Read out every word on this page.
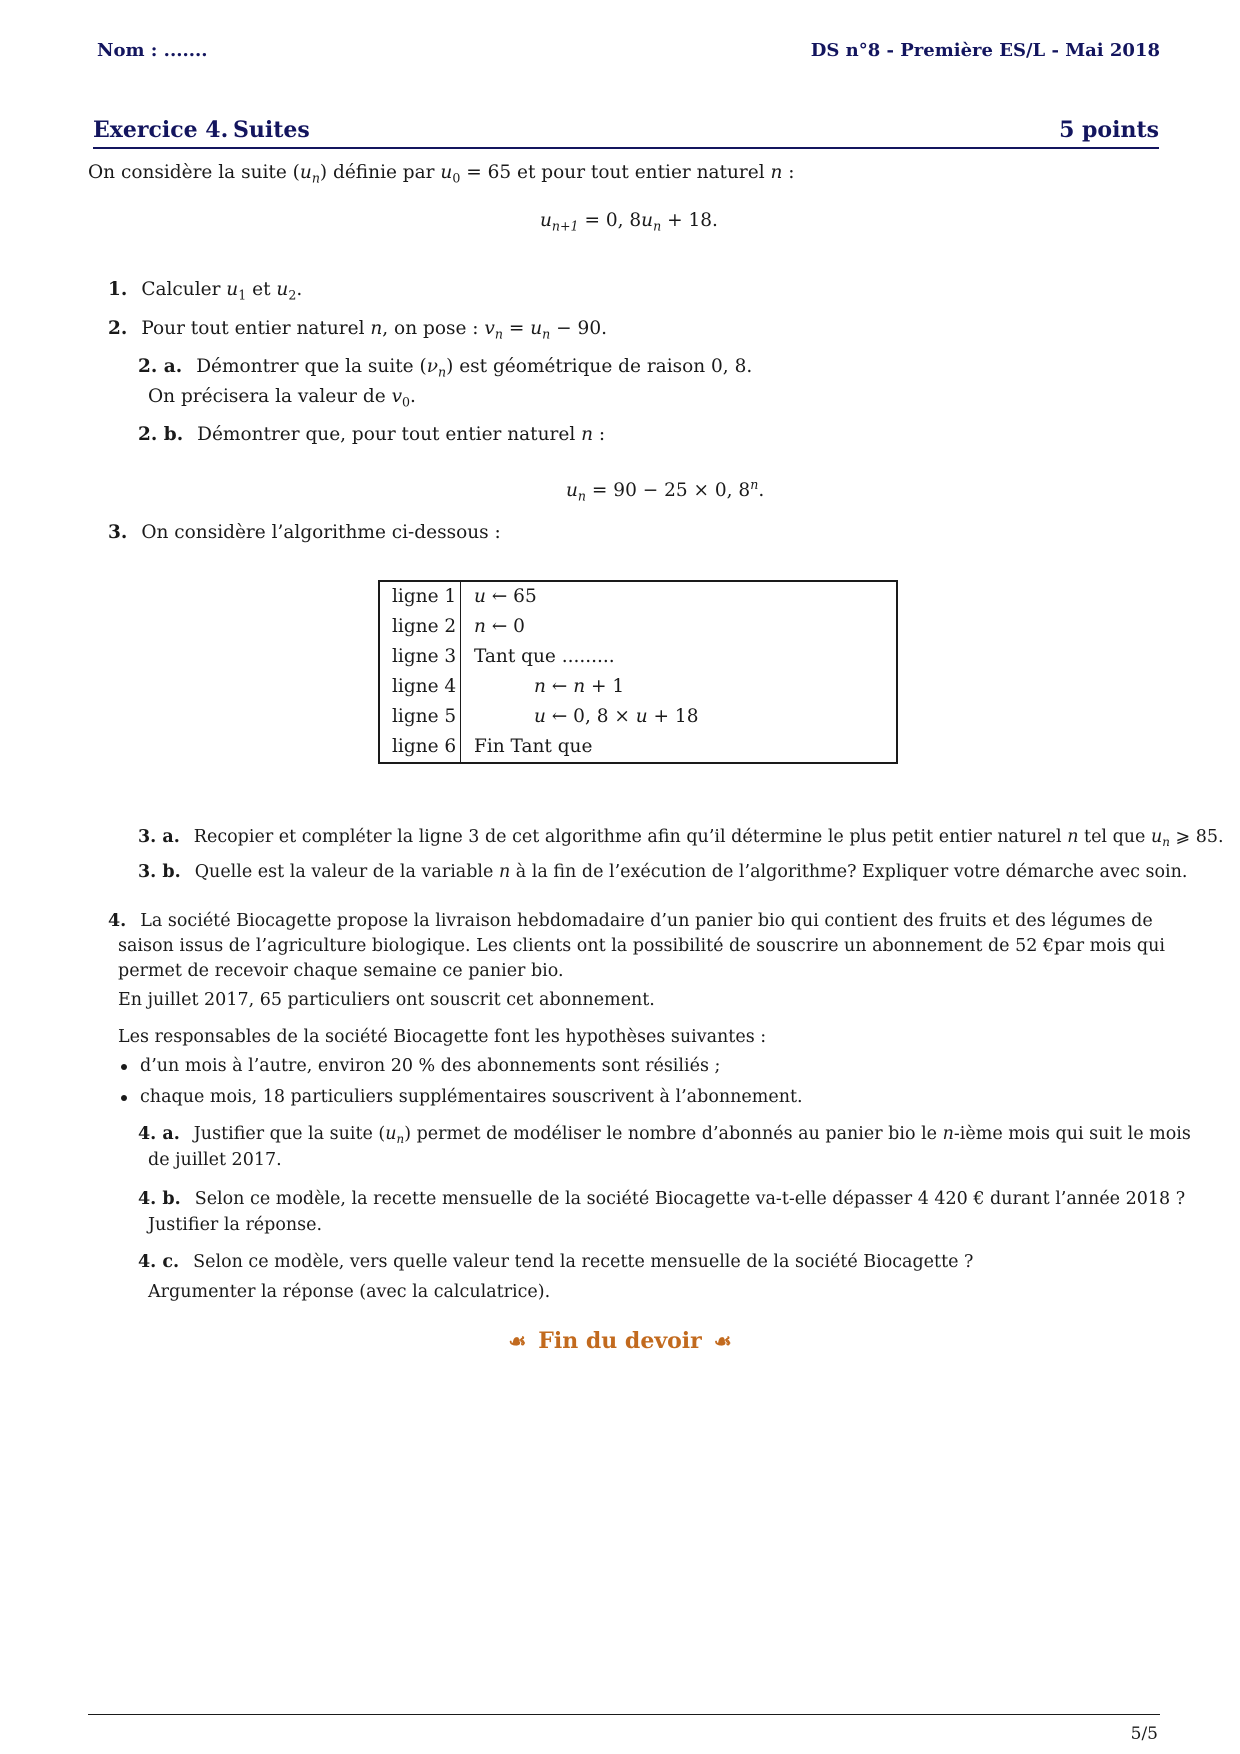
Nom : .......	DS n°8 - Première ES/L - Mai 2018
Exercice 4. Suites	5 points
On considère la suite $(u_n)$ définie par $u_0 = 65$ et pour tout entier naturel n :
$u_{n+1} = 0$, $8u_n + 18$.
1. Calculer $u_1$ et $u_2$.
2. Pour tout entier naturel n, on pose : $v_n = u_n - 90$.
2. a. Démontrer que la suite $(\nu_n)$ est géométrique de raison 0, 8.
On précisera la valeur de $v_0$.
2. b. Démontrer que, pour tout entier naturel n :
$u_n = 90 - 25 \times 0$, 8$^n$.
3. On considère l’algorithme ci-dessous :
ligne 1 u ← 65
ligne 2 n ← 0
ligne 3 Tant que .........
ligne 4	n ← n + 1
ligne 5	u ← 0, 8 × u + 18
ligne 6 Fin Tant que
3. a. Recopier et compléter la ligne 3 de cet algorithme afin qu’il détermine le plus petit entier naturel n tel que $u_n$ ⩾ 85.
3. b. Quelle est la valeur de la variable n à la fin de l’exécution de l’algorithme? Expliquer votre démarche avec soin.
4. La société Biocagette propose la livraison hebdomadaire d’un panier bio qui contient des fruits et des légumes de
saison issus de l’agriculture biologique. Les clients ont la possibilité de souscrire un abonnement de 52 €par mois qui
permet de recevoir chaque semaine ce panier bio.
En juillet 2017, 65 particuliers ont souscrit cet abonnement.
Les responsables de la société Biocagette font les hypothèses suivantes :
d’un mois à l’autre, environ 20 % des abonnements sont résiliés ;
chaque mois, 18 particuliers supplémentaires souscrivent à l’abonnement.
4. a. Justifier que la suite $(u_n)$ permet de modéliser le nombre d’abonnés au panier bio le n-ième mois qui suit le mois
de juillet 2017.
4. b. Selon ce modèle, la recette mensuelle de la société Biocagette va-t-elle dépasser 4 420 € durant l’année 2018 ?
Justifier la réponse.
4. c. Selon ce modèle, vers quelle valeur tend la recette mensuelle de la société Biocagette ?
Argumenter la réponse (avec la calculatrice).
☙ Fin du devoir ☙
5/5
